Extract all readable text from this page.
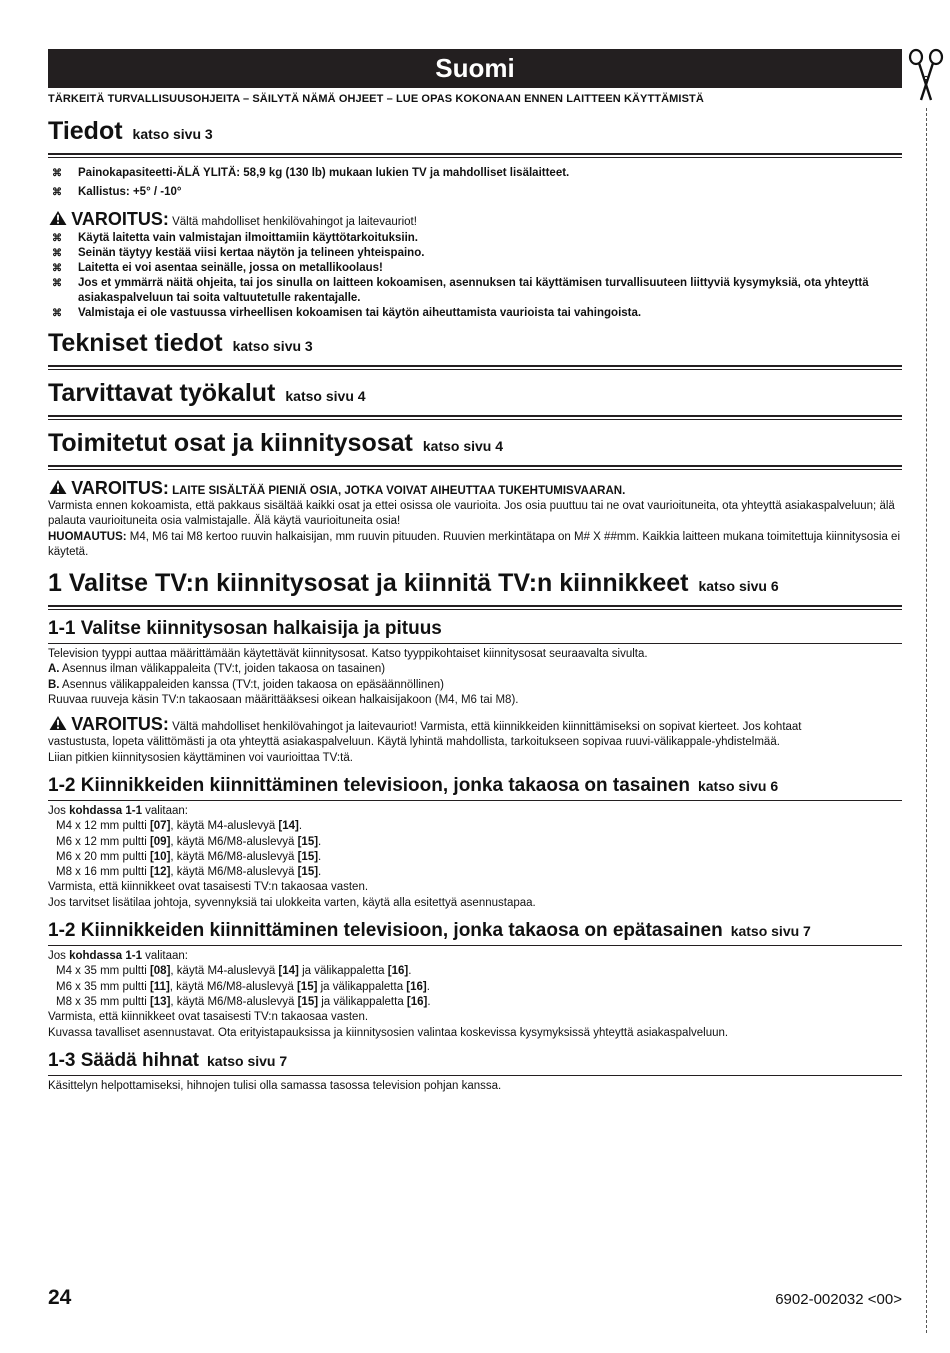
Suomi
TÄRKEITÄ TURVALLISUUSOHJEITA – SÄILYTÄ NÄMÄ OHJEET – LUE OPAS KOKONAAN ENNEN LAITTEEN KÄYTTÄMISTÄ
Tiedot katso sivu 3
⌘ Painokapasiteetti-ÄLÄ YLITÄ: 58,9 kg (130 lb) mukaan lukien TV ja mahdolliset lisälaitteet.
⌘ Kallistus: +5° / -10°
VAROITUS: Vältä mahdolliset henkilövahingot ja laitevauriot!
⌘ Käytä laitetta vain valmistajan ilmoittamiin käyttötarkoituksiin.
⌘ Seinän täytyy kestää viisi kertaa näytön ja telineen yhteispaino.
⌘ Laitetta ei voi asentaa seinälle, jossa on metallikoolaus!
⌘ Jos et ymmärrä näitä ohjeita, tai jos sinulla on laitteen kokoamisen, asennuksen tai käyttämisen turvallisuuteen liittyviä kysymyksiä, ota yhteyttä asiakaspalveluun tai soita valtuutetulle rakentajalle.
⌘ Valmistaja ei ole vastuussa virheellisen kokoamisen tai käytön aiheuttamista vaurioista tai vahingoista.
Tekniset tiedot katso sivu 3
Tarvittavat työkalut katso sivu 4
Toimitetut osat ja kiinnitysosat katso sivu 4
VAROITUS: LAITE SISÄLTÄÄ PIENIÄ OSIA, JOTKA VOIVAT AIHEUTTAA TUKEHTUMISVAARAN.
Varmista ennen kokoamista, että pakkaus sisältää kaikki osat ja ettei osissa ole vaurioita. Jos osia puuttuu tai ne ovat vaurioituneita, ota yhteyttä asiakaspalveluun; älä palauta vaurioituneita osia valmistajalle. Älä käytä vaurioituneita osia!
HUOMAUTUS: M4, M6 tai M8 kertoo ruuvin halkaisijan, mm ruuvin pituuden. Ruuvien merkintätapa on M# X ##mm. Kaikkia laitteen mukana toimitettuja kiinnitysosia ei käytetä.
1 Valitse TV:n kiinnitysosat ja kiinnitä TV:n kiinnikkeet katso sivu 6
1-1 Valitse kiinnitysosan halkaisija ja pituus
Television tyyppi auttaa määrittämään käytettävät kiinnitysosat. Katso tyyppikohtaiset kiinnitysosat seuraavalta sivulta.
A. Asennus ilman välikappaleita (TV:t, joiden takaosa on tasainen)
B. Asennus välikappaleiden kanssa (TV:t, joiden takaosa on epäsäännöllinen)
Ruuvaa ruuveja käsin TV:n takaosaan määrittääksesi oikean halkaisijakoon (M4, M6 tai M8).
VAROITUS: Vältä mahdolliset henkilövahingot ja laitevauriot! Varmista, että kiinnikkeiden kiinnittämiseksi on sopivat kierteet. Jos kohtaat
vastustusta, lopeta välittömästi ja ota yhteyttä asiakaspalveluun. Käytä lyhintä mahdollista, tarkoitukseen sopivaa ruuvi-välikappale-yhdistelmää.
Liian pitkien kiinnitysosien käyttäminen voi vaurioittaa TV:tä.
1-2 Kiinnikkeiden kiinnittäminen televisioon, jonka takaosa on tasainen katso sivu 6
Jos kohdassa 1-1 valitaan:
M4 x 12 mm pultti [07], käytä M4-aluslevyä [14].
M6 x 12 mm pultti [09], käytä M6/M8-aluslevyä [15].
M6 x 20 mm pultti [10], käytä M6/M8-aluslevyä [15].
M8 x 16 mm pultti [12], käytä M6/M8-aluslevyä [15].
Varmista, että kiinnikkeet ovat tasaisesti TV:n takaosaa vasten.
Jos tarvitset lisätilaa johtoja, syvennyksiä tai ulokkeita varten, käytä alla esitettyä asennustapaa.
1-2 Kiinnikkeiden kiinnittäminen televisioon, jonka takaosa on epätasainen katso sivu 7
Jos kohdassa 1-1 valitaan:
M4 x 35 mm pultti [08], käytä M4-aluslevyä [14] ja välikappaletta [16].
M6 x 35 mm pultti [11], käytä M6/M8-aluslevyä [15] ja välikappaletta [16].
M8 x 35 mm pultti [13], käytä M6/M8-aluslevyä [15] ja välikappaletta [16].
Varmista, että kiinnikkeet ovat tasaisesti TV:n takaosaa vasten.
Kuvassa tavalliset asennustavat. Ota erityistapauksissa ja kiinnitysosien valintaa koskevissa kysymyksissä yhteyttä asiakaspalveluun.
1-3 Säädä hihnat katso sivu 7
Käsittelyn helpottamiseksi, hihnojen tulisi olla samassa tasossa television pohjan kanssa.
24	6902-002032 <00>
